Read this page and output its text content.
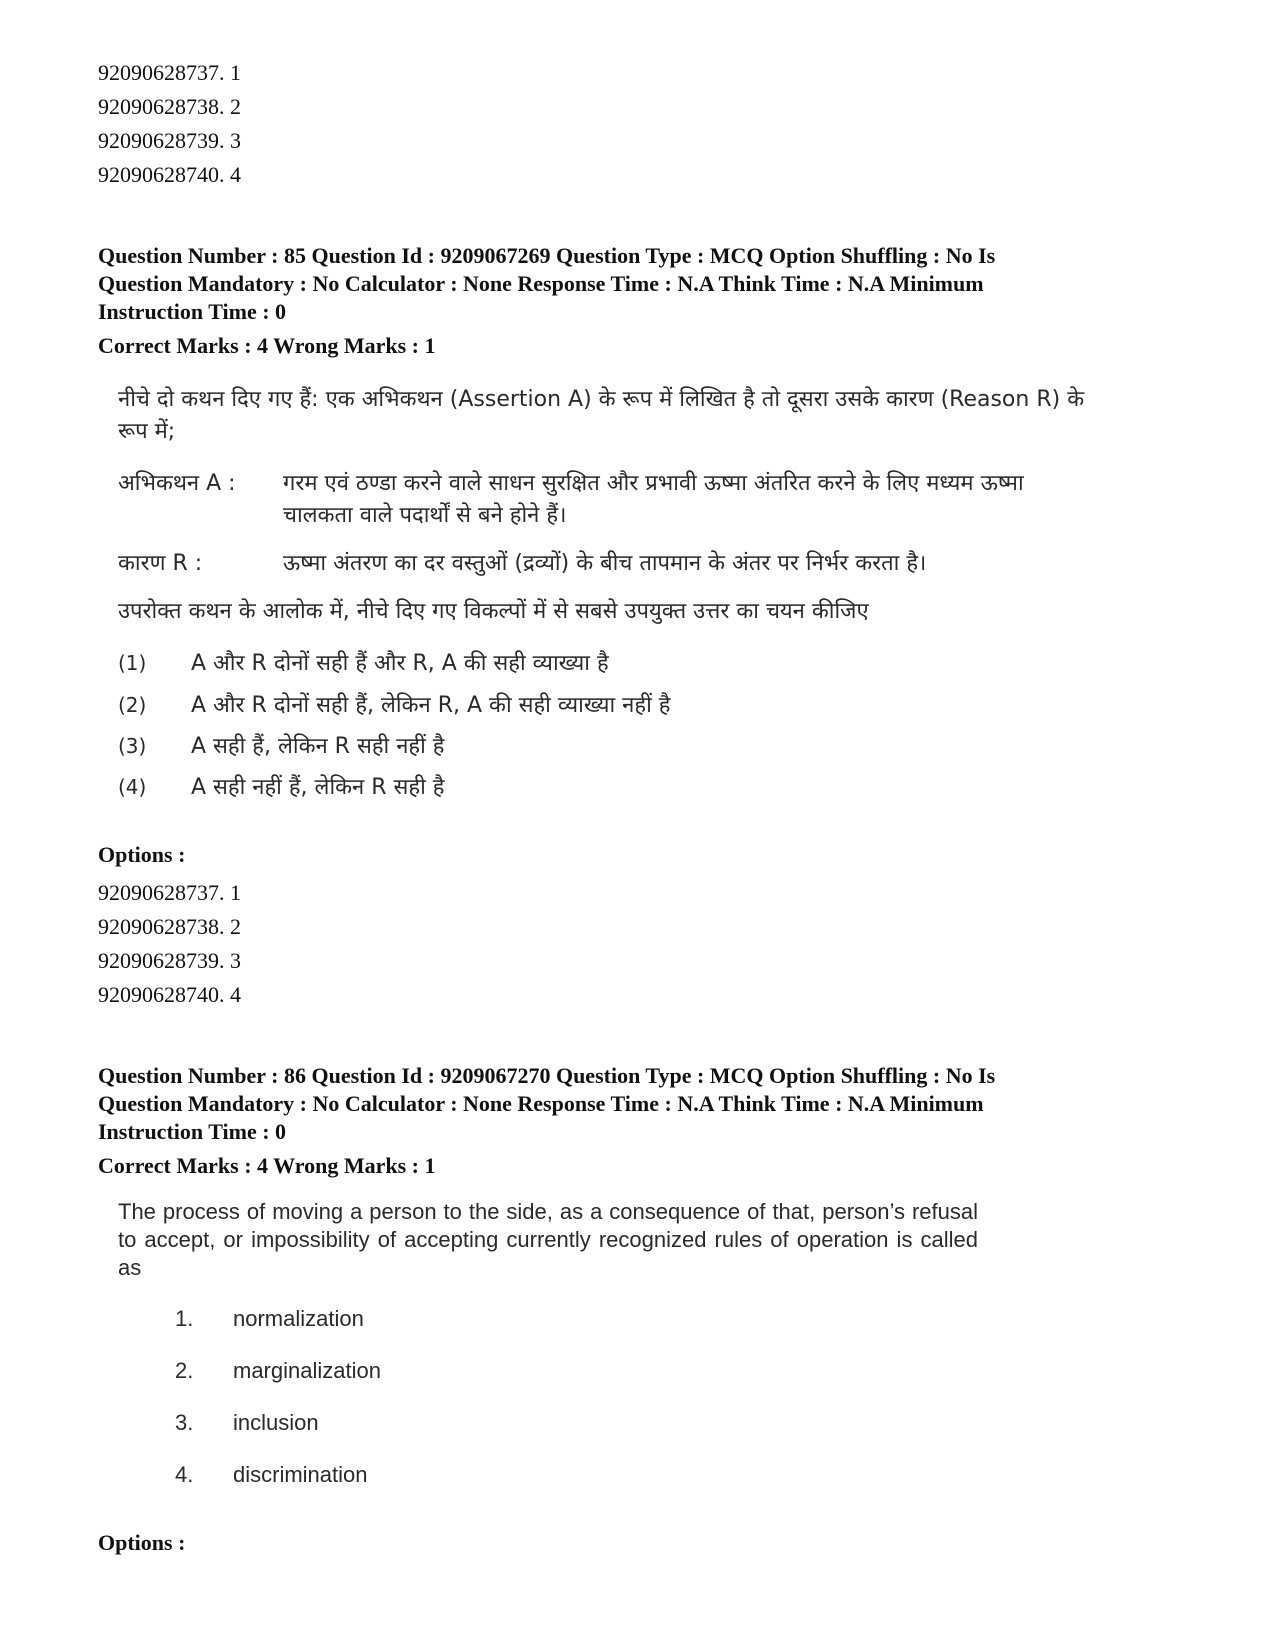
92090628737. 1
92090628738. 2
92090628739. 3
92090628740. 4
Question Number : 85 Question Id : 9209067269 Question Type : MCQ Option Shuffling : No Is
Question Mandatory : No Calculator : None Response Time : N.A Think Time : N.A Minimum
Instruction Time : 0
Correct Marks : 4 Wrong Marks : 1
नीचे दो कथन दिए गए हैं: एक अभिकथन (Assertion A) के रूप में लिखित है तो दूसरा उसके कारण (Reason R) के रूप में;
अभिकथन A : गरम एवं ठण्डा करने वाले साधन सुरक्षित और प्रभावी ऊष्मा अंतरित करने के लिए मध्यम ऊष्मा चालकता वाले पदार्थों से बने होने हैं।
कारण R :	ऊष्मा अंतरण का दर वस्तुओं (द्रव्यों) के बीच तापमान के अंतर पर निर्भर करता है।
उपरोक्त कथन के आलोक में, नीचे दिए गए विकल्पों में से सबसे उपयुक्त उत्तर का चयन कीजिए
(1) A और R दोनों सही हैं और R, A की सही व्याख्या है
(2) A और R दोनों सही हैं, लेकिन R, A की सही व्याख्या नहीं है
(3) A सही हैं, लेकिन R सही नहीं है
(4) A सही नहीं हैं, लेकिन R सही है
Options :
92090628737. 1
92090628738. 2
92090628739. 3
92090628740. 4
Question Number : 86 Question Id : 9209067270 Question Type : MCQ Option Shuffling : No Is
Question Mandatory : No Calculator : None Response Time : N.A Think Time : N.A Minimum
Instruction Time : 0
Correct Marks : 4 Wrong Marks : 1
The process of moving a person to the side, as a consequence of that, person’s refusal to accept, or impossibility of accepting currently recognized rules of operation is called as
1. normalization
2. marginalization
3. inclusion
4. discrimination
Options :
